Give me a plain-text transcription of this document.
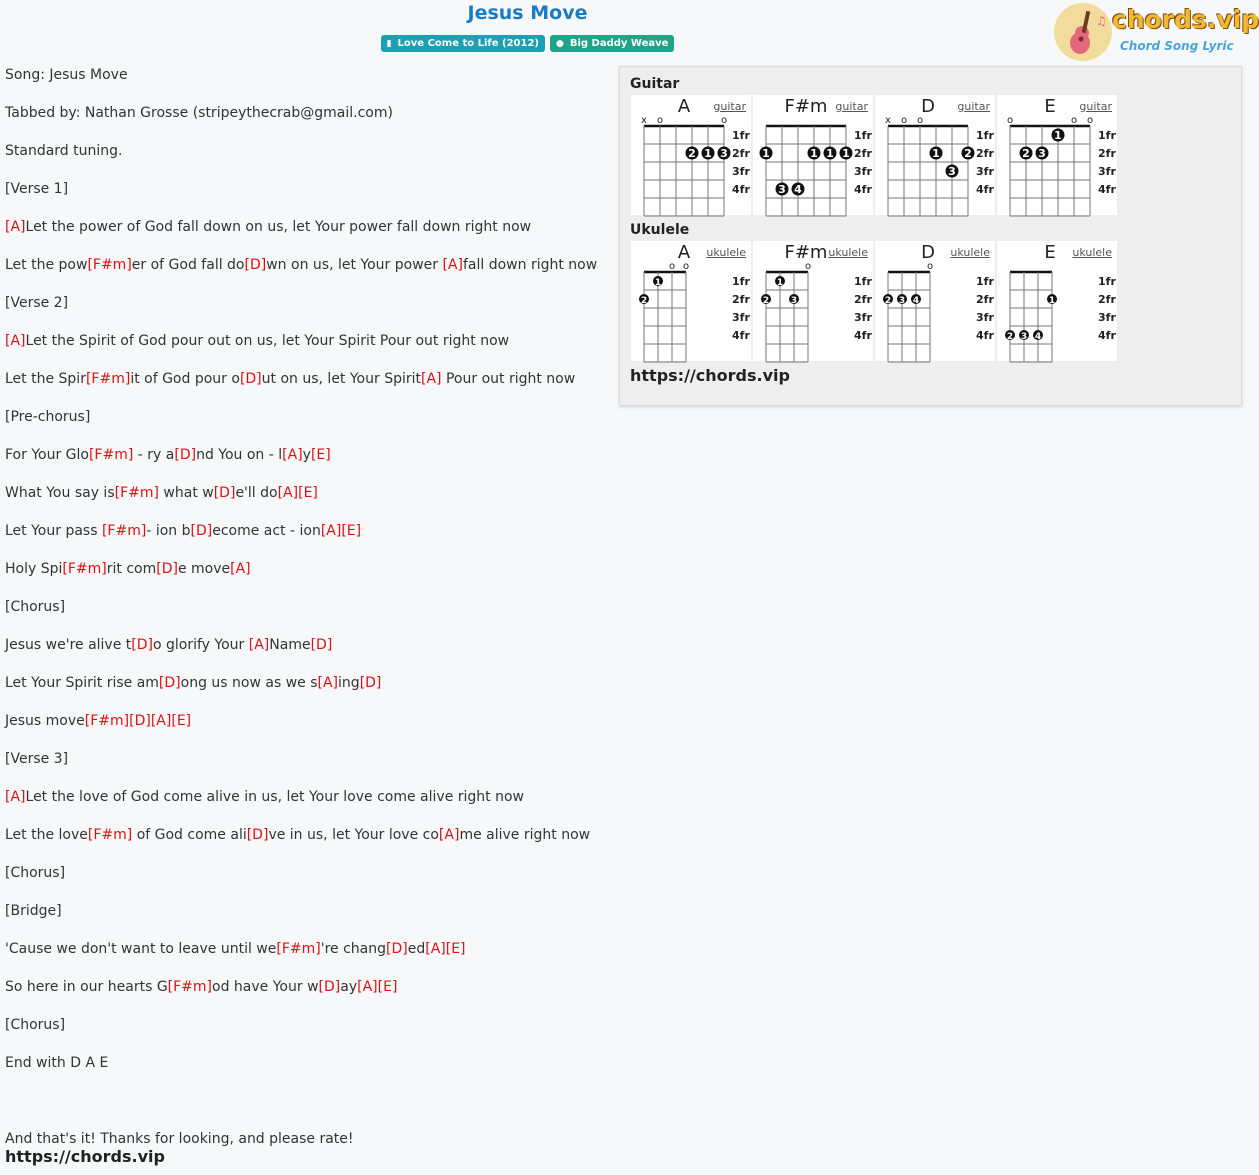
Jesus Move
▮ Love Come to Life (2012) ● Big Daddy Weave
♫ chords.vip
Chord Song Lyric
Song: Jesus Move
Tabbed by: Nathan Grosse (stripeythecrab@gmail.com)
Standard tuning.
[Verse 1]
[A]Let the power of God fall down on us, let Your power fall down right now
Let the pow[F#m]er of God fall do[D]wn on us, let Your power [A]fall down right now
[Verse 2]
[A]Let the Spirit of God pour out on us, let Your Spirit Pour out right now
Let the Spir[F#m]it of God pour o[D]ut on us, let Your Spirit[A] Pour out right now
[Pre-chorus]
For Your Glo[F#m] - ry a[D]nd You on - l[A]y[E]
What You say is[F#m] what w[D]e'll do[A][E]
Let Your pass [F#m]- ion b[D]ecome act - ion[A][E]
Holy Spi[F#m]rit com[D]e move[A]
[Chorus]
Jesus we're alive t[D]o glorify Your [A]Name[D]
Let Your Spirit rise am[D]ong us now as we s[A]ing[D]
Jesus move[F#m][D][A][E]
[Verse 3]
[A]Let the love of God come alive in us, let Your love come alive right now
Let the love[F#m] of God come ali[D]ve in us, let Your love co[A]me alive right now
[Chorus]
[Bridge]
'Cause we don't want to leave until we[F#m]'re chang[D]ed[A][E]
So here in our hearts G[F#m]od have Your w[D]ay[A][E]
[Chorus]
End with D A E
And that's it! Thanks for looking, and please rate!
https://chords.vip
Guitar
x o	o
1fr
2fr
3fr
4fr
2 1 3
A	guitar
1fr
2fr
3fr
4fr
1	1 1 1
3 4
F#m guitar
x o o
1fr
2fr
3fr
4fr
1 2
3
D	guitar
o	o o
1fr
2fr
3fr
4fr
1
2 3
E	guitar
Ukulele
o o
1fr
2fr
3fr
4fr
2
1
A	ukulele
o
1fr
2fr
3fr
4fr
2
1
3
F#m ukulele
o
1fr
2fr
3fr
4fr
2 3 4
D	ukulele
1fr
2fr
3fr
4fr
1
2 3 4
E	ukulele
https://chords.vip
